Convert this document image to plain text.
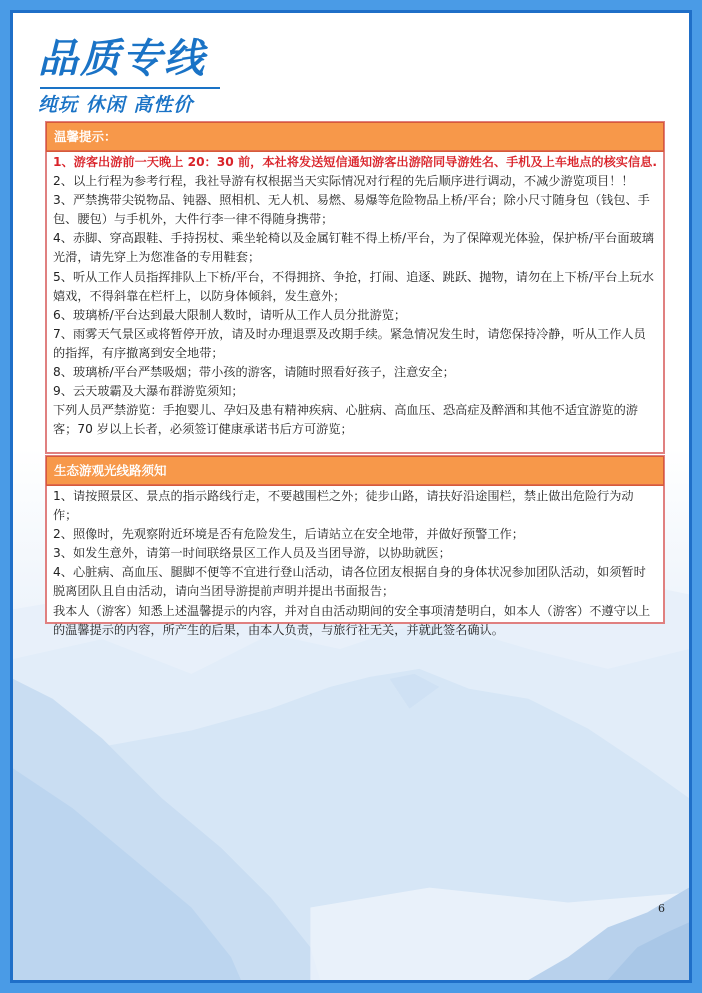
品质专线
纯玩 休闲 高性价
温馨提示：
1、游客出游前一天晚上 20：30 前，本社将发送短信通知游客出游陪同导游姓名、手机及上车地点的核实信息.
2、以上行程为参考行程，我社导游有权根据当天实际情况对行程的先后顺序进行调动，不减少游览项目！！
3、严禁携带尖锐物品、钝器、照相机、无人机、易燃、易爆等危险物品上桥/平台；除小尺寸随身包（钱包、手包、腰包）与手机外，大件行李一律不得随身携带；
4、赤脚、穿高跟鞋、手持拐杖、乘坐轮椅以及金属钉鞋不得上桥/平台，为了保障观光体验，保护桥/平台面玻璃光滑，请先穿上为您准备的专用鞋套；
5、听从工作人员指挥排队上下桥/平台，不得拥挤、争抢，打闹、追逐、跳跃、抛物，请勿在上下桥/平台上玩水嬉戏，不得斜靠在栏杆上，以防身体倾斜，发生意外；
6、玻璃桥/平台达到最大限制人数时，请听从工作人员分批游览；
7、雨雾天气景区或将暂停开放，请及时办理退票及改期手续。紧急情况发生时，请您保持冷静，听从工作人员的指挥，有序撤离到安全地带；
8、玻璃桥/平台严禁吸烟；带小孩的游客，请随时照看好孩子，注意安全；
9、云天玻霸及大瀑布群游览须知；
下列人员严禁游览：手抱婴儿、孕妇及患有精神疾病、心脏病、高血压、恐高症及醉酒和其他不适宜游览的游客；70 岁以上长者，必须签订健康承诺书后方可游览；
生态游观光线路须知
1、请按照景区、景点的指示路线行走，不要越围栏之外；徒步山路，请扶好沿途围栏，禁止做出危险行为动作；
2、照像时，先观察附近环境是否有危险发生，后请站立在安全地带，并做好预警工作；
3、如发生意外，请第一时间联络景区工作人员及当团导游，以协助就医；
4、心脏病、高血压、腿脚不便等不宜进行登山活动，请各位团友根据自身的身体状况参加团队活动，如须暂时脱离团队且自由活动，请向当团导游提前声明并提出书面报告；
我本人（游客）知悉上述温馨提示的内容，并对自由活动期间的安全事项清楚明白，如本人（游客）不遵守以上的温馨提示的内容，所产生的后果，由本人负责，与旅行社无关，并就此签名确认。
6
